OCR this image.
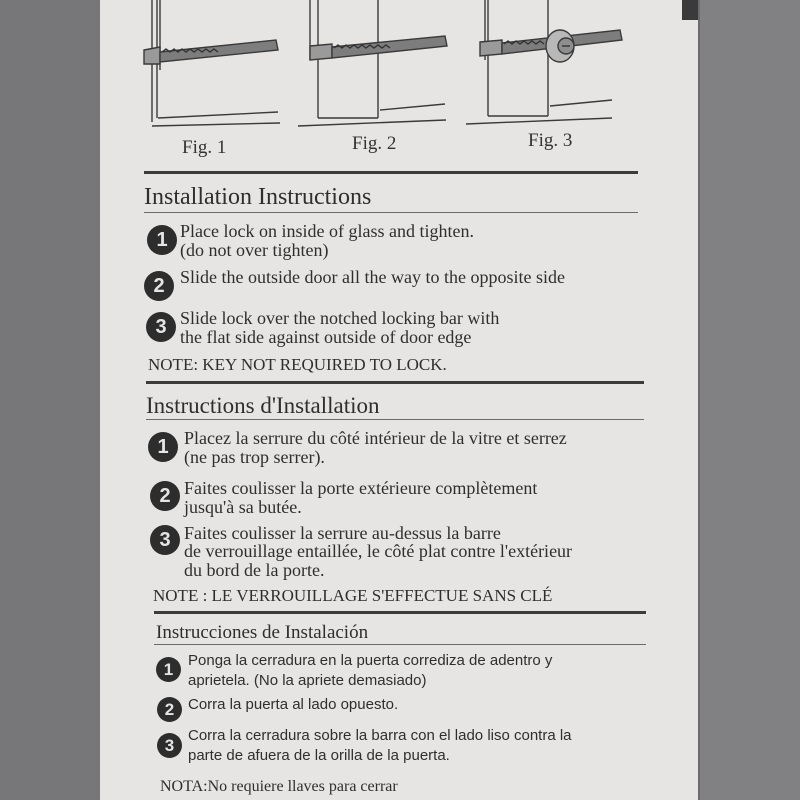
Fig. 1	Fig. 2	Fig. 3
Installation Instructions
1 Place lock on inside of glass and tighten.
(do not over tighten)
2 Slide the outside door all the way to the opposite side
3 Slide lock over the notched locking bar with
the flat side against outside of door edge
NOTE: KEY NOT REQUIRED TO LOCK.
Instructions d'Installation
1 Placez la serrure du côté intérieur de la vitre et serrez
(ne pas trop serrer).
2 Faites coulisser la porte extérieure complètement
jusqu'à sa butée.
3 Faites coulisser la serrure au-dessus la barre
de verrouillage entaillée, le côté plat contre l'extérieur
du bord de la porte.
NOTE : LE VERROUILLAGE S'EFFECTUE SANS CLÉ
Instrucciones de Instalación
1 Ponga la cerradura en la puerta corrediza de adentro y
aprietela. (No la apriete demasiado)
2 Corra la puerta al lado opuesto.
3 Corra la cerradura sobre la barra con el lado liso contra la
parte de afuera de la orilla de la puerta.
NOTA:No requiere llaves para cerrar
